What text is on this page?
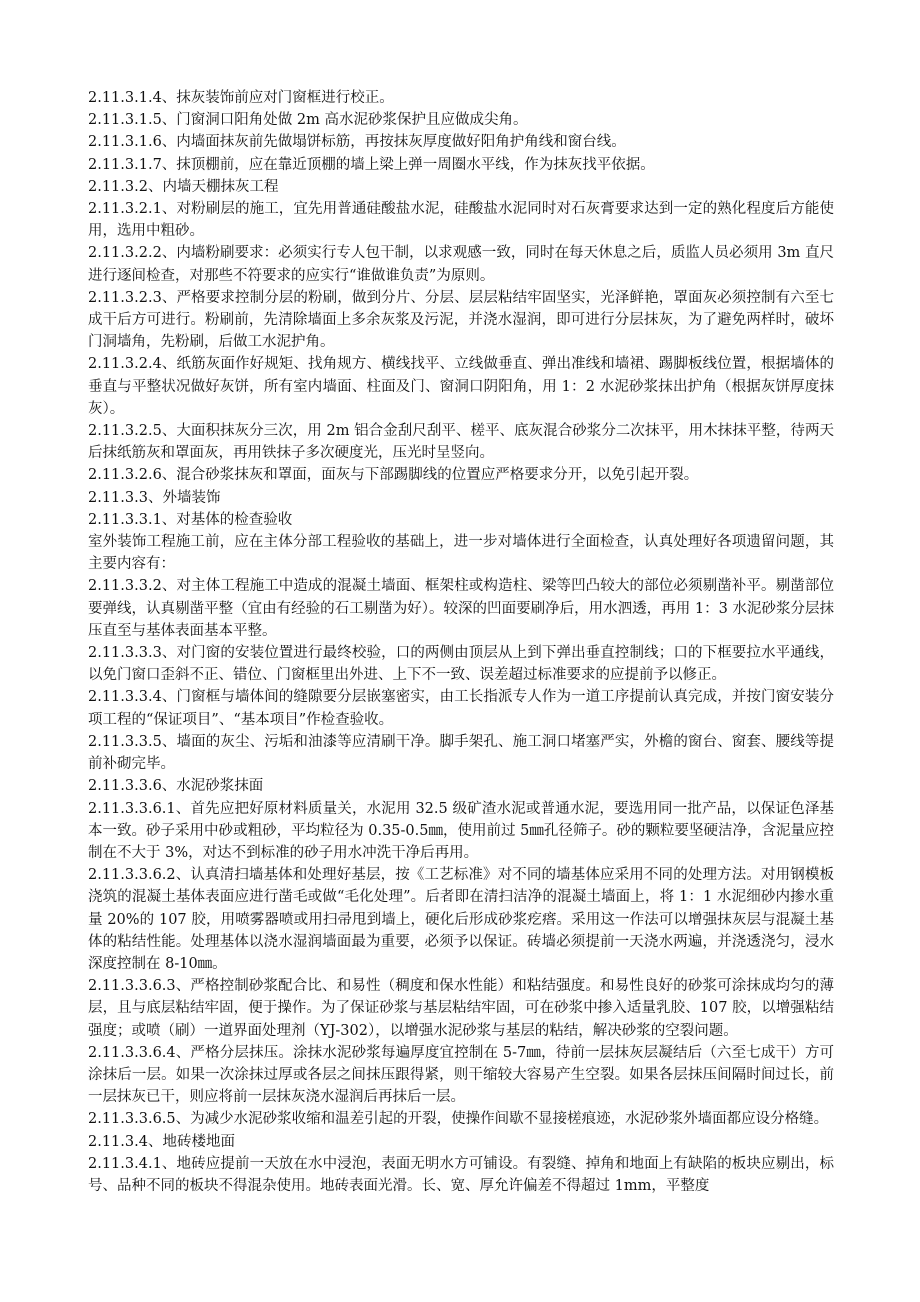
2.11.3.1.4、抹灰装饰前应对门窗框进行校正。

2.11.3.1.5、门窗洞口阳角处做 2m 高水泥砂浆保护且应做成尖角。

2.11.3.1.6、内墙面抹灰前先做塌饼标筋，再按抹灰厚度做好阳角护角线和窗台线。

2.11.3.1.7、抹顶棚前，应在靠近顶棚的墙上梁上弹一周圈水平线，作为抹灰找平依据。

2.11.3.2、内墙天棚抹灰工程

2.11.3.2.1、对粉刷层的施工，宜先用普通硅酸盐水泥，硅酸盐水泥同时对石灰膏要求达到一定的熟化程度后方能使用，选用中粗砂。

2.11.3.2.2、内墙粉刷要求：必须实行专人包干制，以求观感一致，同时在每天休息之后，质监人员必须用 3m 直尺进行逐间检查，对那些不符要求的应实行“谁做谁负责”为原则。

2.11.3.2.3、严格要求控制分层的粉刷，做到分片、分层、层层粘结牢固坚实，光泽鲜艳，罩面灰必须控制有六至七成干后方可进行。粉刷前，先清除墙面上多余灰浆及污泥，并浇水湿润，即可进行分层抹灰，为了避免两样时，破坏门洞墙角，先粉刷，后做工水泥护角。

2.11.3.2.4、纸筋灰面作好规矩、找角规方、横线找平、立线做垂直、弹出准线和墙裙、踢脚板线位置，根据墙体的垂直与平整状况做好灰饼，所有室内墙面、柱面及门、窗洞口阴阳角，用 1：2 水泥砂浆抹出护角（根据灰饼厚度抹灰）。

2.11.3.2.5、大面积抹灰分三次，用 2m 铝合金刮尺刮平、槎平、底灰混合砂浆分二次抹平，用木抹抹平整，待两天后抹纸筋灰和罩面灰，再用铁抹子多次硬度光，压光时呈竖向。

2.11.3.2.6、混合砂浆抹灰和罩面，面灰与下部踢脚线的位置应严格要求分开，以免引起开裂。

2.11.3.3、外墙装饰

2.11.3.3.1、对基体的检查验收

室外装饰工程施工前，应在主体分部工程验收的基础上，进一步对墙体进行全面检查，认真处理好各项遗留问题，其主要内容有：

2.11.3.3.2、对主体工程施工中造成的混凝土墙面、框架柱或构造柱、梁等凹凸较大的部位必须剔凿补平。剔凿部位要弹线，认真剔凿平整（宜由有经验的石工剔凿为好）。较深的凹面要刷净后，用水泗透，再用 1：3 水泥砂浆分层抹压直至与基体表面基本平整。

2.11.3.3.3、对门窗的安装位置进行最终校验，口的两侧由顶层从上到下弹出垂直控制线；口的下框要拉水平通线，以免门窗口歪斜不正、错位、门窗框里出外进、上下不一致、误差超过标准要求的应提前予以修正。

2.11.3.3.4、门窗框与墙体间的缝隙要分层嵌塞密实，由工长指派专人作为一道工序提前认真完成，并按门窗安装分项工程的“保证项目”、“基本项目”作检查验收。

2.11.3.3.5、墙面的灰尘、污垢和油漆等应清刷干净。脚手架孔、施工洞口堵塞严实，外檐的窗台、窗套、腰线等提前补砌完毕。

2.11.3.3.6、水泥砂浆抹面

2.11.3.3.6.1、首先应把好原材料质量关，水泥用 32.5 级矿渣水泥或普通水泥，要选用同一批产品，以保证色泽基本一致。砂子采用中砂或粗砂，平均粒径为 0.35-0.5㎜，使用前过 5㎜孔径筛子。砂的颗粒要坚硬洁净，含泥量应控制在不大于 3%，对达不到标准的砂子用水冲洗干净后再用。

2.11.3.3.6.2、认真清扫墙基体和处理好基层，按《工艺标准》对不同的墙基体应采用不同的处理方法。对用钢模板浇筑的混凝土基体表面应进行凿毛或做“毛化处理”。后者即在清扫洁净的混凝土墙面上，将 1：1 水泥细砂内掺水重量 20%的 107 胶，用喷雾器喷或用扫帚甩到墙上，硬化后形成砂浆疙瘩。采用这一作法可以增强抹灰层与混凝土基体的粘结性能。处理基体以浇水湿润墙面最为重要，必须予以保证。砖墙必须提前一天浇水两遍，并浇透浇匀，浸水深度控制在 8-10㎜。

2.11.3.3.6.3、严格控制砂浆配合比、和易性（稠度和保水性能）和粘结强度。和易性良好的砂浆可涂抹成均匀的薄层，且与底层粘结牢固，便于操作。为了保证砂浆与基层粘结牢固，可在砂浆中掺入适量乳胶、107 胶，以增强粘结强度；或喷（刷）一道界面处理剂（YJ-302），以增强水泥砂浆与基层的粘结，解决砂浆的空裂问题。

2.11.3.3.6.4、严格分层抹压。涂抹水泥砂浆每遍厚度宜控制在 5-7㎜，待前一层抹灰层凝结后（六至七成干）方可涂抹后一层。如果一次涂抹过厚或各层之间抹压跟得紧，则干缩较大容易产生空裂。如果各层抹压间隔时间过长，前一层抹灰已干，则应将前一层抹灰浇水湿润后再抹后一层。

2.11.3.3.6.5、为减少水泥砂浆收缩和温差引起的开裂，使操作间歇不显接槎痕迹，水泥砂浆外墙面都应设分格缝。

2.11.3.4、地砖楼地面

2.11.3.4.1、地砖应提前一天放在水中浸泡，表面无明水方可铺设。有裂缝、掉角和地面上有缺陷的板块应剔出，标号、品种不同的板块不得混杂使用。地砖表面光滑。长、宽、厚允许偏差不得超过 1mm，平整度
